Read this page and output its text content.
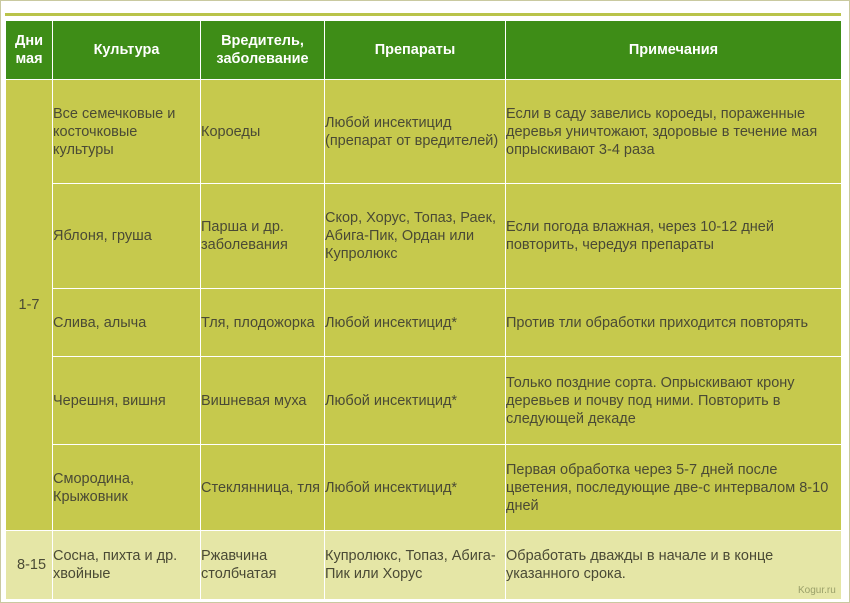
Дни мая	Культура	Вредитель, заболевание	Препараты	Примечания
1-7	Все семечковые и косточковые культуры	Короеды	Любой инсектицид (препарат от вредителей)	Если в саду завелись короеды, пораженные деревья уничтожают, здоровые в течение мая опрыскивают 3-4 раза
	Яблоня, груша	Парша и др. заболевания	Скор, Хорус, Топаз, Раек, Абига-Пик, Ордан или Купролюкс	Если погода влажная, через 10-12 дней повторить, чередуя препараты
	Слива, алыча	Тля, плодожорка	Любой инсектицид*	Против тли обработки приходится повторять
	Черешня, вишня	Вишневая муха	Любой инсектицид*	Только поздние сорта. Опрыскивают крону деревьев и почву под ними. Повторить в следующей декаде
	Смородина, Крыжовник	Стеклянница, тля	Любой инсектицид*	Первая обработка через 5-7 дней после цветения, последующие две-с интервалом 8-10 дней
8-15	Сосна, пихта и др. хвойные	Ржавчина столбчатая	Купролюкс, Топаз, Абига- Пик или Хорус	Обработать дважды в начале и в конце указанного срока.
Kogur.ru
